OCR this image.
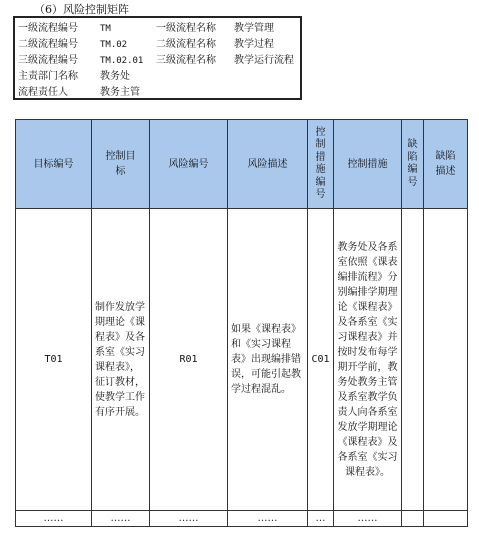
（6）风险控制矩阵
一级流程编号 TM	一级流程名称 教学管理
二级流程编号 TM.02	二级流程名称 教学过程
三级流程编号 TM.02.01 三级流程名称 教学运行流程
主责部门名称 教务处
流程责任人	教务主管
目标编号	控制目标	风险编号	风险描述	控制措施编号	控制措施	缺陷编号	缺陷描述

T01	制作发放学期理论《课程表》及各系室《实习课程表》，征订教材，使教学工作有序开展。	R01	如果《课程表》和《实习课程表》出现编排错误，可能引起教学过程混乱。	C01	教务处及各系室依照《课表编排流程》分别编排学期理论《课程表》及各系室《实习课程表》并按时发布每学期开学前，教务处教务主管及系室教学负责人向各系室发放学期理论《课程表》及各系室《实习课程表》。		
……	……	……	……	…	……		
